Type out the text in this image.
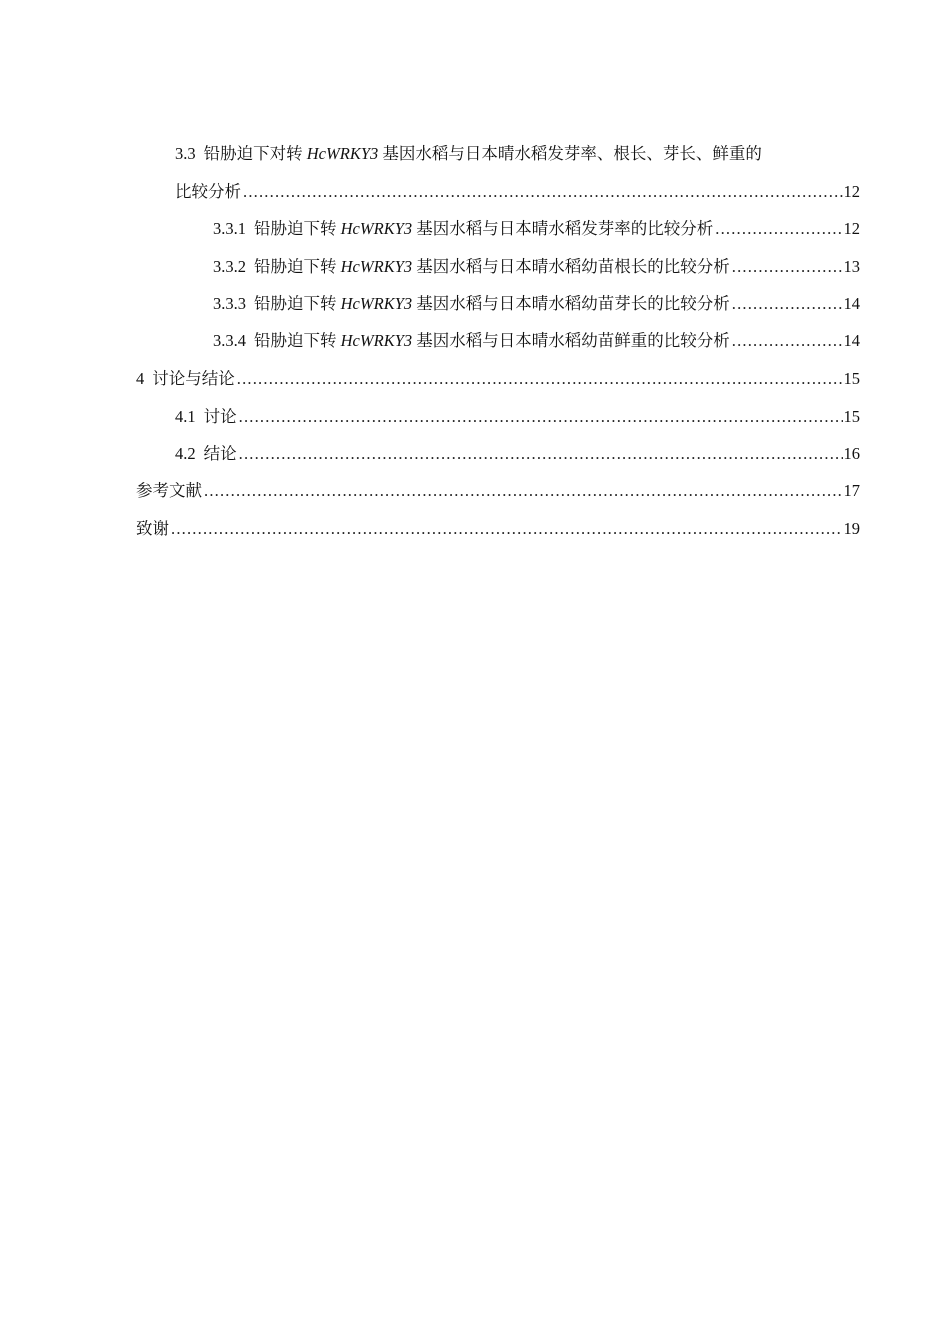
3.3 铅胁迫下对转 HcWRKY3 基因水稻与日本晴水稻发芽率、根长、芽长、鲜重的
比较分析 .....	12
3.3.1 铅胁迫下转 HcWRKY3 基因水稻与日本晴水稻发芽率的比较分析 .....	12
3.3.2 铅胁迫下转 HcWRKY3 基因水稻与日本晴水稻幼苗根长的比较分析 .....	13
3.3.3 铅胁迫下转 HcWRKY3 基因水稻与日本晴水稻幼苗芽长的比较分析 .....	14
3.3.4 铅胁迫下转 HcWRKY3 基因水稻与日本晴水稻幼苗鲜重的比较分析 .....	14
4 讨论与结论 .....	15
4.1 讨论 .....	15
4.2 结论 .....	16
参考文献 .....	17
致谢 .....	19
